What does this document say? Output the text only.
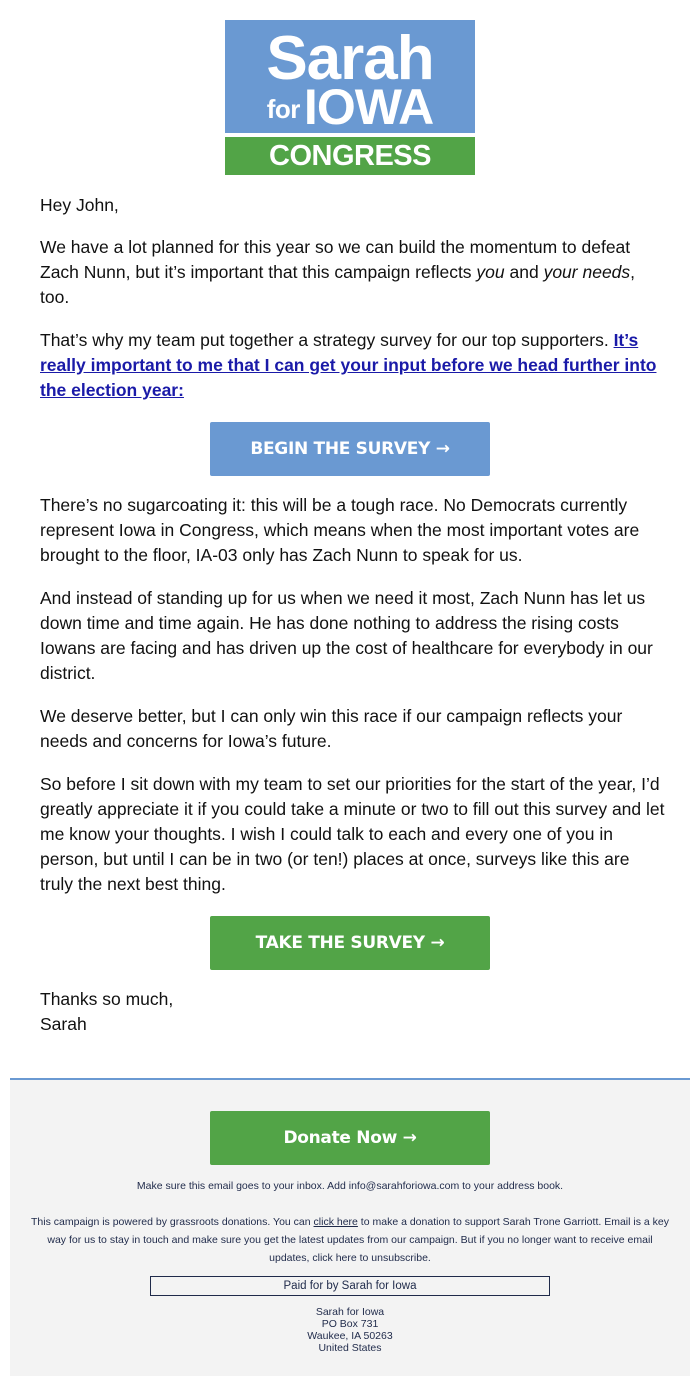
Sarah
forIOWA
CONGRESS

Hey John,

We have a lot planned for this year so we can build the momentum to defeat Zach Nunn, but it’s important that this campaign reflects you and your needs, too.

That’s why my team put together a strategy survey for our top supporters. It’s really important to me that I can get your input before we head further into the election year:

BEGIN THE SURVEY →

There’s no sugarcoating it: this will be a tough race. No Democrats currently represent Iowa in Congress, which means when the most important votes are brought to the floor, IA-03 only has Zach Nunn to speak for us.

And instead of standing up for us when we need it most, Zach Nunn has let us down time and time again. He has done nothing to address the rising costs Iowans are facing and has driven up the cost of healthcare for everybody in our district.

We deserve better, but I can only win this race if our campaign reflects your needs and concerns for Iowa’s future.

So before I sit down with my team to set our priorities for the start of the year, I’d greatly appreciate it if you could take a minute or two to fill out this survey and let me know your thoughts. I wish I could talk to each and every one of you in person, but until I can be in two (or ten!) places at once, surveys like this are truly the next best thing.

TAKE THE SURVEY →

Thanks so much,

Sarah

Donate Now →

Make sure this email goes to your inbox. Add info@sarahforiowa.com to your address book.

This campaign is powered by grassroots donations. You can click here to make a donation to support Sarah Trone Garriott. Email is a key way for us to stay in touch and make sure you get the latest updates from our campaign. But if you no longer want to receive email updates, click here to unsubscribe.

Paid for by Sarah for Iowa
Sarah for Iowa
PO Box 731
Waukee, IA 50263
United States
